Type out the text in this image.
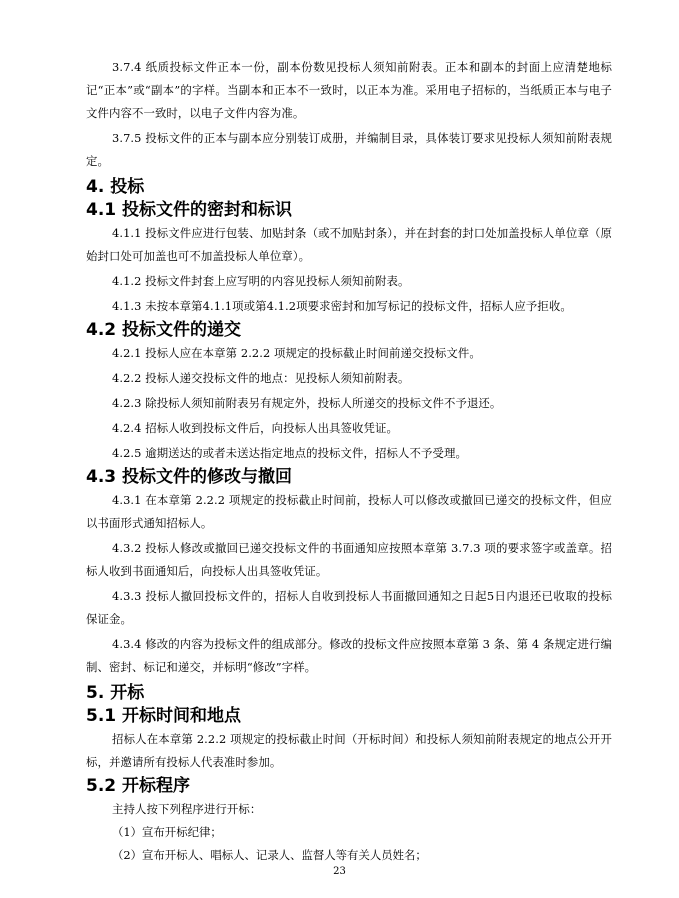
3.7.4 纸质投标文件正本一份，副本份数见投标人须知前附表。正本和副本的封面上应清楚地标记“正本”或“副本”的字样。当副本和正本不一致时，以正本为准。采用电子招标的，当纸质正本与电子文件内容不一致时，以电子文件内容为准。

3.7.5 投标文件的正本与副本应分别装订成册，并编制目录，具体装订要求见投标人须知前附表规定。

4. 投标
4.1 投标文件的密封和标识

4.1.1 投标文件应进行包装、加贴封条（或不加贴封条），并在封套的封口处加盖投标人单位章（原始封口处可加盖也可不加盖投标人单位章）。

4.1.2 投标文件封套上应写明的内容见投标人须知前附表。

4.1.3 未按本章第4.1.1项或第4.1.2项要求密封和加写标记的投标文件，招标人应予拒收。

4.2 投标文件的递交

4.2.1 投标人应在本章第 2.2.2 项规定的投标截止时间前递交投标文件。

4.2.2 投标人递交投标文件的地点：见投标人须知前附表。

4.2.3 除投标人须知前附表另有规定外，投标人所递交的投标文件不予退还。

4.2.4 招标人收到投标文件后，向投标人出具签收凭证。

4.2.5 逾期送达的或者未送达指定地点的投标文件，招标人不予受理。

4.3 投标文件的修改与撤回

4.3.1 在本章第 2.2.2 项规定的投标截止时间前，投标人可以修改或撤回已递交的投标文件，但应以书面形式通知招标人。

4.3.2 投标人修改或撤回已递交投标文件的书面通知应按照本章第 3.7.3 项的要求签字或盖章。招标人收到书面通知后，向投标人出具签收凭证。

4.3.3 投标人撤回投标文件的，招标人自收到投标人书面撤回通知之日起5日内退还已收取的投标保证金。

4.3.4 修改的内容为投标文件的组成部分。修改的投标文件应按照本章第 3 条、第 4 条规定进行编制、密封、标记和递交，并标明“修改”字样。

5. 开标
5.1 开标时间和地点

招标人在本章第 2.2.2 项规定的投标截止时间（开标时间）和投标人须知前附表规定的地点公开开标，并邀请所有投标人代表准时参加。

5.2 开标程序

主持人按下列程序进行开标：

（1）宣布开标纪律；

（2）宣布开标人、唱标人、记录人、监督人等有关人员姓名；

23
